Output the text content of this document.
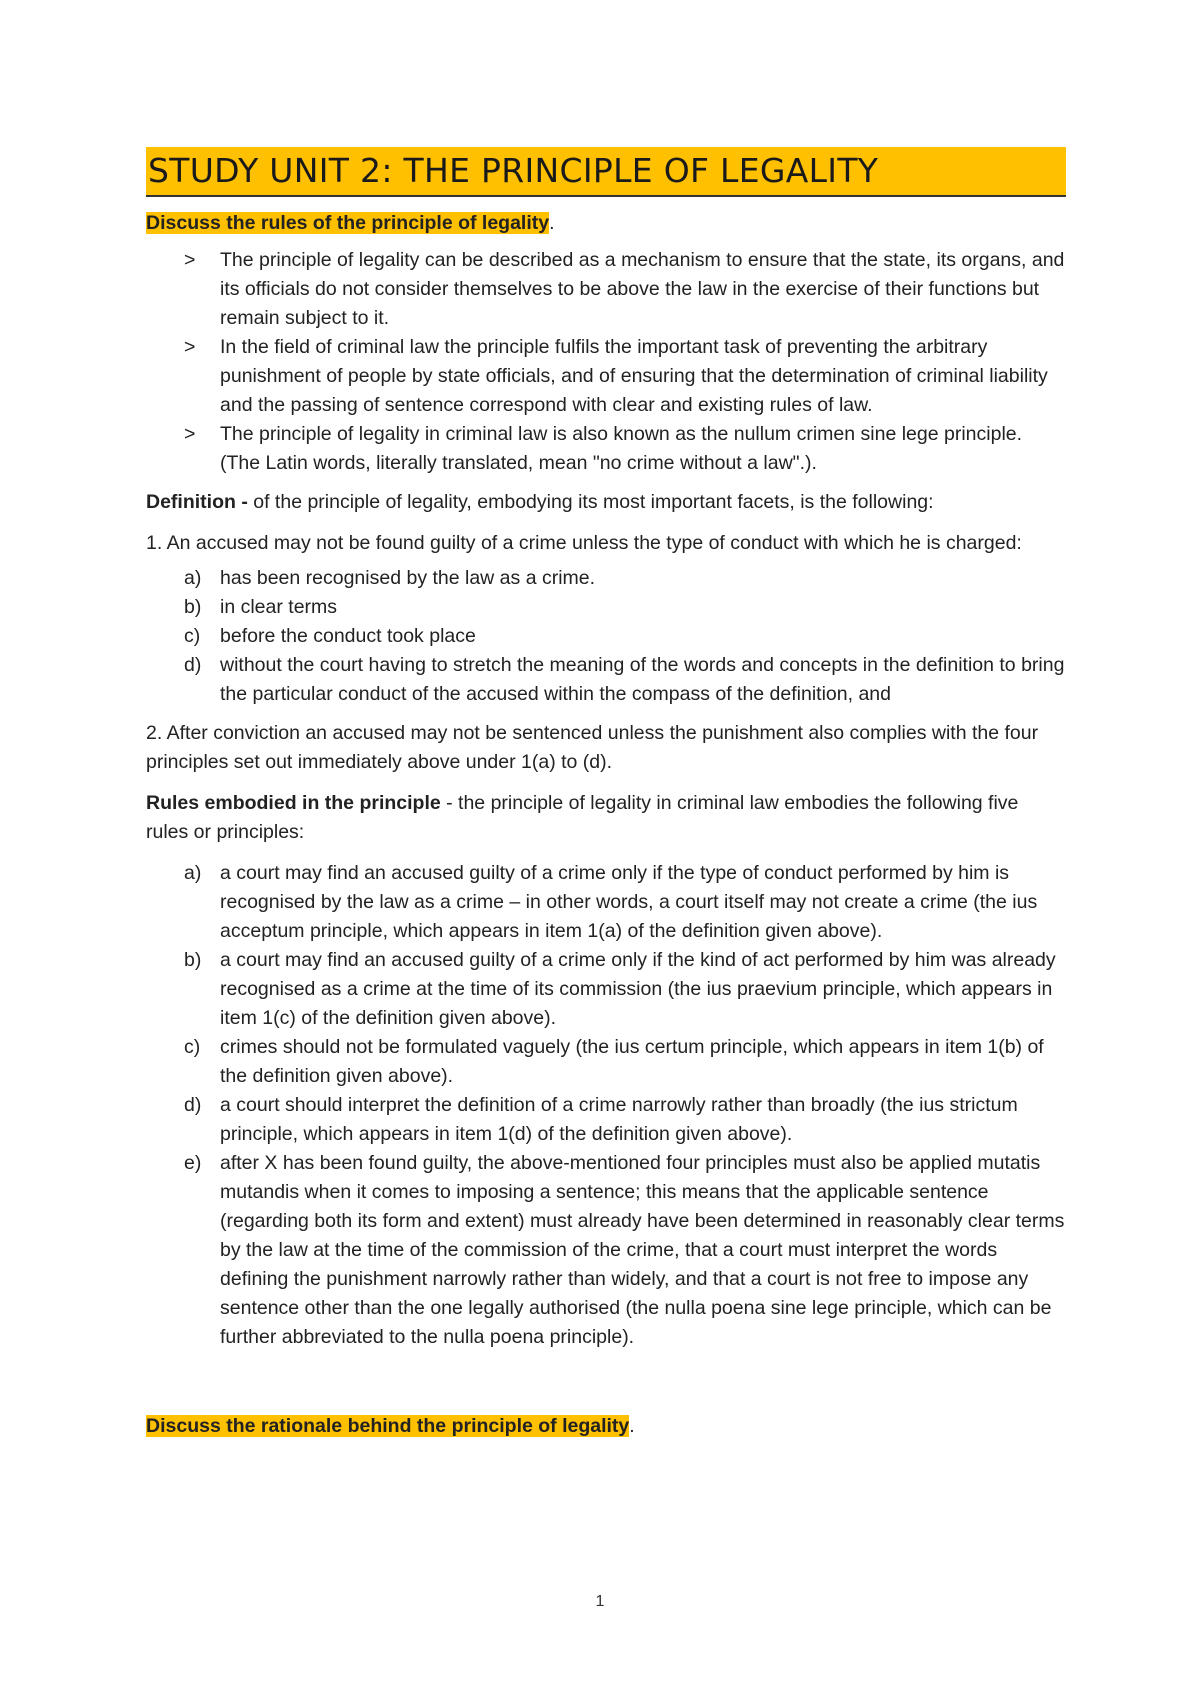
STUDY UNIT 2: THE PRINCIPLE OF LEGALITY

Discuss the rules of the principle of legality.

> The principle of legality can be described as a mechanism to ensure that the state, its organs, and its officials do not consider themselves to be above the law in the exercise of their functions but remain subject to it.
> In the field of criminal law the principle fulfils the important task of preventing the arbitrary punishment of people by state officials, and of ensuring that the determination of criminal liability and the passing of sentence correspond with clear and existing rules of law.
> The principle of legality in criminal law is also known as the nullum crimen sine lege principle. (The Latin words, literally translated, mean "no crime without a law".).

Definition - of the principle of legality, embodying its most important facets, is the following:

1. An accused may not be found guilty of a crime unless the type of conduct with which he is charged:

a) has been recognised by the law as a crime.
b) in clear terms
c) before the conduct took place
d) without the court having to stretch the meaning of the words and concepts in the definition to bring the particular conduct of the accused within the compass of the definition, and

2. After conviction an accused may not be sentenced unless the punishment also complies with the four principles set out immediately above under 1(a) to (d).

Rules embodied in the principle - the principle of legality in criminal law embodies the following five rules or principles:

a) a court may find an accused guilty of a crime only if the type of conduct performed by him is recognised by the law as a crime – in other words, a court itself may not create a crime (the ius acceptum principle, which appears in item 1(a) of the definition given above).
b) a court may find an accused guilty of a crime only if the kind of act performed by him was already recognised as a crime at the time of its commission (the ius praevium principle, which appears in item 1(c) of the definition given above).
c) crimes should not be formulated vaguely (the ius certum principle, which appears in item 1(b) of the definition given above).
d) a court should interpret the definition of a crime narrowly rather than broadly (the ius strictum principle, which appears in item 1(d) of the definition given above).
e) after X has been found guilty, the above-mentioned four principles must also be applied mutatis mutandis when it comes to imposing a sentence; this means that the applicable sentence (regarding both its form and extent) must already have been determined in reasonably clear terms by the law at the time of the commission of the crime, that a court must interpret the words defining the punishment narrowly rather than widely, and that a court is not free to impose any sentence other than the one legally authorised (the nulla poena sine lege principle, which can be further abbreviated to the nulla poena principle).

Discuss the rationale behind the principle of legality.

1
